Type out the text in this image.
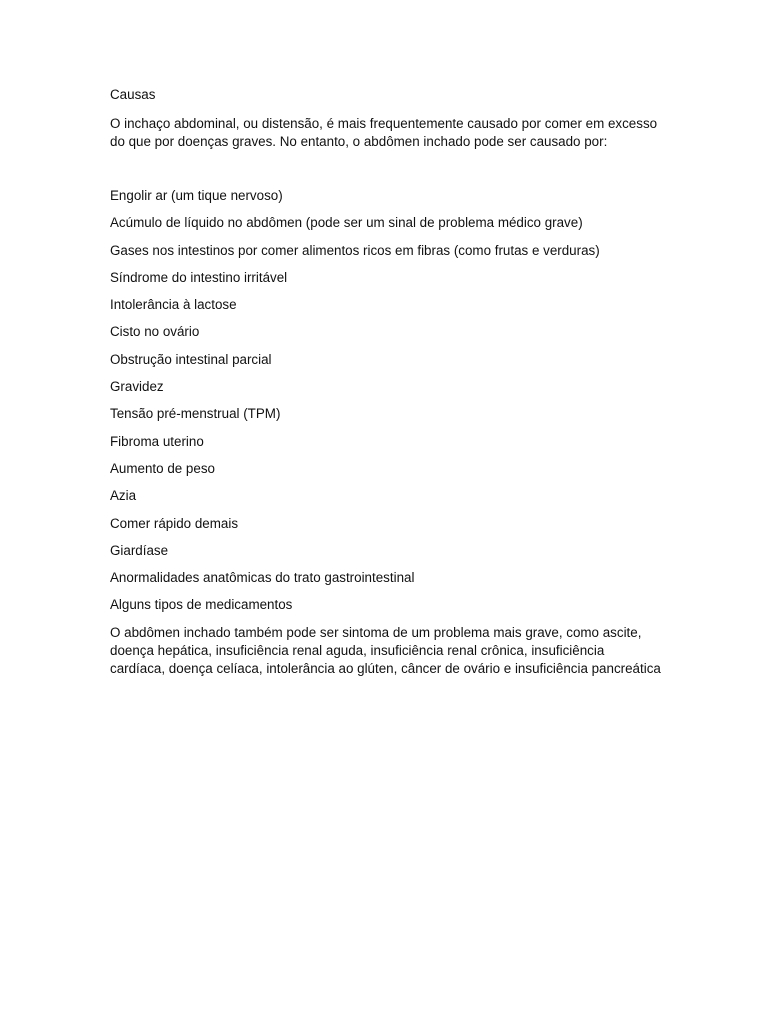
Causas

O inchaço abdominal, ou distensão, é mais frequentemente causado por comer em excesso do que por doenças graves. No entanto, o abdômen inchado pode ser causado por:

Engolir ar (um tique nervoso)
Acúmulo de líquido no abdômen (pode ser um sinal de problema médico grave)
Gases nos intestinos por comer alimentos ricos em fibras (como frutas e verduras)
Síndrome do intestino irritável
Intolerância à lactose
Cisto no ovário
Obstrução intestinal parcial
Gravidez
Tensão pré-menstrual (TPM)
Fibroma uterino
Aumento de peso
Azia
Comer rápido demais
Giardíase
Anormalidades anatômicas do trato gastrointestinal
Alguns tipos de medicamentos

O abdômen inchado também pode ser sintoma de um problema mais grave, como ascite, doença hepática, insuficiência renal aguda, insuficiência renal crônica, insuficiência cardíaca, doença celíaca, intolerância ao glúten, câncer de ovário e insuficiência pancreática
